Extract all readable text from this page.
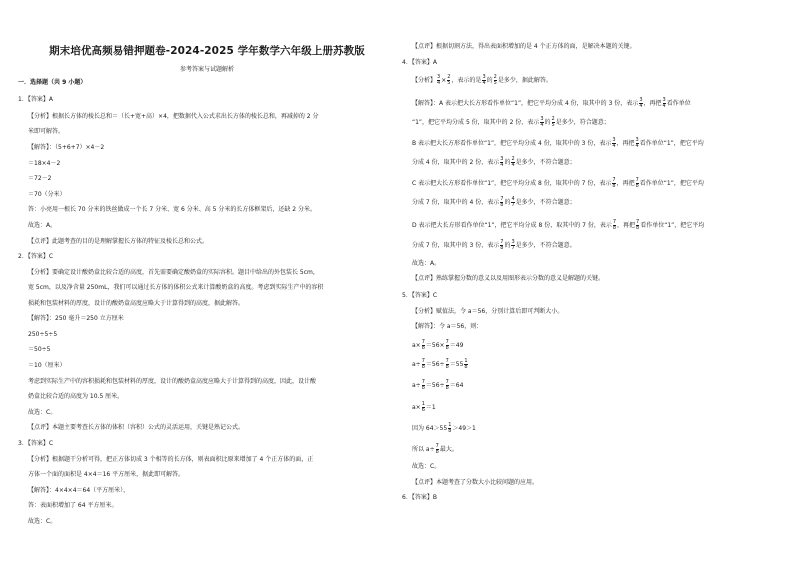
期末培优高频易错押题卷-2024-2025 学年数学六年级上册苏教版
参考答案与试题解析
一．选择题（共 9 小题）
1．【答案】A
【分析】根据长方体的棱长总和＝（长+宽+高）×4，把数据代入公式求出长方体的棱长总和，再减掉的 2 分
米即可解答。
【解答】：（5+6+7）×4－2
＝18×4－2
＝72－2
＝70（分米）
答：小亮用一根长 70 分米的铁丝做成一个长 7 分米、宽 6 分米、高 5 分米的长方体框架后，还缺 2 分米。
故选：A。
【点评】此题考查的目的是理解掌握长方体的特征及棱长总和公式。
2．【答案】C
【分析】要确定设计酸奶盒比较合适的高度，首先需要确定酸奶盒的实际容积。题目中给出的外包装长 5cm，
宽 5cm，以及净含量 250mL，我们可以通过长方体的体积公式来计算酸奶盒的高度。考虑到实际生产中的容积
损耗和包装材料的厚度，设计的酸奶盒高度应略大于计算得到的高度，据此解答。
【解答】：250 毫升＝250 立方厘米
250÷5÷5
＝50÷5
＝10（厘米）
考虑到实际生产中的容积损耗和包装材料的厚度，设计的酸奶盒高度应略大于计算得到的高度，因此，设计酸
奶盒比较合适的高度为 10.5 厘米。
故选：C。
【点评】本题主要考查长方体的体积（容积）公式的灵活运用，关键是熟记公式。
3．【答案】C
【分析】根据题干分析可得，把正方体切成 3 个相等的长方体，则表面积比原来增加了 4 个正方体的面，正
方体一个面的面积是 4×4＝16 平方厘米，据此即可解答。
【解答】：4×4×4＝64（平方厘米），
答：表面积增加了 64 平方厘米。
故选：C。
【点评】根据切割方法，得出表面积增加的是 4 个正方体的面，是解决本题的关键。
4．【答案】A
【分析】 $\frac{3}{4} \times \frac{2}{5}$ ，表示的是 $\frac{3}{4}$ 的 $\frac{2}{5}$ 是多少，据此解答。
【解答】：A 表示把大长方形看作单位“1”，把它平均分成 4 份，取其中的 3 份，表示 $\frac{3}{4}$ ，再把 $\frac{3}{4}$ 看作单位
“1”，把它平均分成 5 份，取其中的 2 份，表示 $\frac{3}{4}$ 的 $\frac{2}{5}$ 是多少，符合题意；
B 表示把大长方形看作单位“1”，把它平均分成 4 份，取其中的 3 份，表示 $\frac{3}{4}$ ，再把 $\frac{3}{4}$ 看作单位“1”，把它平均
分成 4 份，取其中的 2 份，表示 $\frac{3}{4}$ 的 $\frac{2}{4}$ 是多少，不符合题意；
C 表示把大长方形看作单位“1”，把它平均分成 8 份，取其中的 7 份，表示 $\frac{7}{8}$ ，再把 $\frac{7}{8}$ 看作单位“1”，把它平均
分成 7 份，取其中的 4 份，表示 $\frac{7}{8}$ 的 $\frac{4}{7}$ 是多少，不符合题意；
D 表示把大长方形看作单位“1”，把它平均分成 8 份，取其中的 7 份，表示 $\frac{7}{8}$ ，再把 $\frac{7}{8}$ 看作单位“1”，把它平均
分成 7 份，取其中的 3 份，表示 $\frac{7}{8}$ 的 $\frac{3}{7}$ 是多少，不符合题意。
故选：A。
【点评】熟练掌握分数的意义以及用图形表示分数的意义是解题的关键。
5．【答案】C
【分析】赋值法，令 a＝56，分别计算后即可判断大小。
【解答】：令 a＝56，则：
$a\times \frac{7}{8} =56\times \frac{7}{8} =49$
$a\div \frac{7}{8} =56\div \frac{7}{8} =55 \frac{1}{8}$
$a\div \frac{7}{8} =56\div \frac{7}{8} =64$
$a\times \frac{1}{6} =1$
因为 $64>55 \frac{1}{8} >49>1$
所以 $a\div \frac{7}{8}$ 最大。
故选：C。
【点评】本题考查了分数大小比较问题的应用。
6．【答案】B
